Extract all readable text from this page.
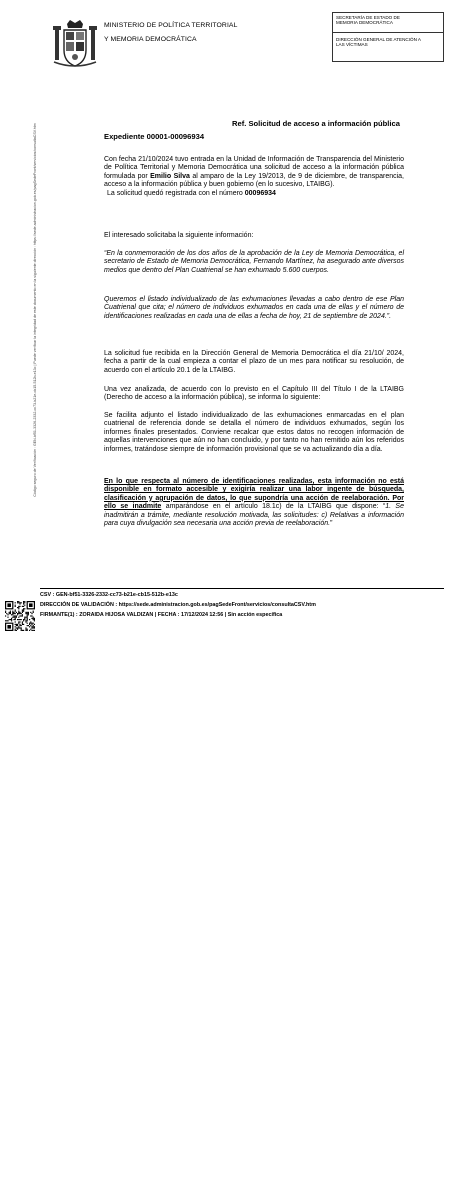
Código seguro de Verificación : GEN-bf51-3326-2332-cc73-b21e-cb15-512b-e13c | Puede verificar la integridad de este documento en la siguiente dirección : https://sede.administracion.gob.es/pagSedeFront/servicios/consultaCSV.htm
MINISTERIO DE POLÍTICA TERRITORIAL
Y MEMORIA DEMOCRÁTICA
SECRETARÍA DE ESTADO DE
MEMORIA DEMOCRÁTICA
DIRECCIÓN GENERAL DE ATENCIÓN A
LAS VÍCTIMAS
Ref. Solicitud de acceso a información pública
Expediente 00001-00096934

Con fecha 21/10/2024 tuvo entrada en la Unidad de Información de Transparencia del Ministerio de Política Territorial y Memoria Democrática una solicitud de acceso a la información pública formulada por Emilio Silva al amparo de la Ley 19/2013, de 9 de diciembre, de transparencia, acceso a la información pública y buen gobierno (en lo sucesivo, LTAIBG).

La solicitud quedó registrada con el número 00096934

El interesado solicitaba la siguiente información:
“En la conmemoración de los dos años de la aprobación de la Ley de Memoria Democrática, el secretario de Estado de Memoria Democrática, Fernando Martínez, ha asegurado ante diversos medios que dentro del Plan Cuatrienal se han exhumado 5.600 cuerpos.
Queremos el listado individualizado de las exhumaciones llevadas a cabo dentro de ese Plan Cuatrienal que cita; el número de individuos exhumados en cada una de ellas y el número de identificaciones realizadas en cada una de ellas a fecha de hoy, 21 de septiembre de 2024.”.
La solicitud fue recibida en la Dirección General de Memoria Democrática el día 21/10/ 2024, fecha a partir de la cual empieza a contar el plazo de un mes para notificar su resolución, de acuerdo con el artículo 20.1 de la LTAIBG.
Una vez analizada, de acuerdo con lo previsto en el Capítulo III del Título I de la LTAIBG (Derecho de acceso a la información pública), se informa lo siguiente:
Se facilita adjunto el listado individualizado de las exhumaciones enmarcadas en el plan cuatrienal de referencia donde se detalla el número de individuos exhumados, según los informes finales presentados. Conviene recalcar que estos datos no recogen información de aquellas intervenciones que aún no han concluido, y por tanto no han remitido aún los referidos informes, tratándose siempre de información provisional que se va actualizando día a día.

En lo que respecta al número de identificaciones realizadas, esta información no está disponible en formato accesible y exigiría realizar una labor ingente de búsqueda, clasificación y agrupación de datos, lo que supondría una acción de reelaboración. Por ello se inadmite amparándose en el artículo 18.1c) de la LTAIBG que dispone: “1. Se inadmitirán a trámite, mediante resolución motivada, las solicitudes: c) Relativas a información para cuya divulgación sea necesaria una acción previa de reelaboración.”

CSV : GEN-bf51-3326-2332-cc73-b21e-cb15-512b-e13c
DIRECCIÓN DE VALIDACIÓN : https://sede.administracion.gob.es/pagSedeFront/servicios/consultaCSV.htm
FIRMANTE(1) : ZORAIDA HIJOSA VALDIZAN | FECHA : 17/12/2024 12:56 | Sin acción específica
